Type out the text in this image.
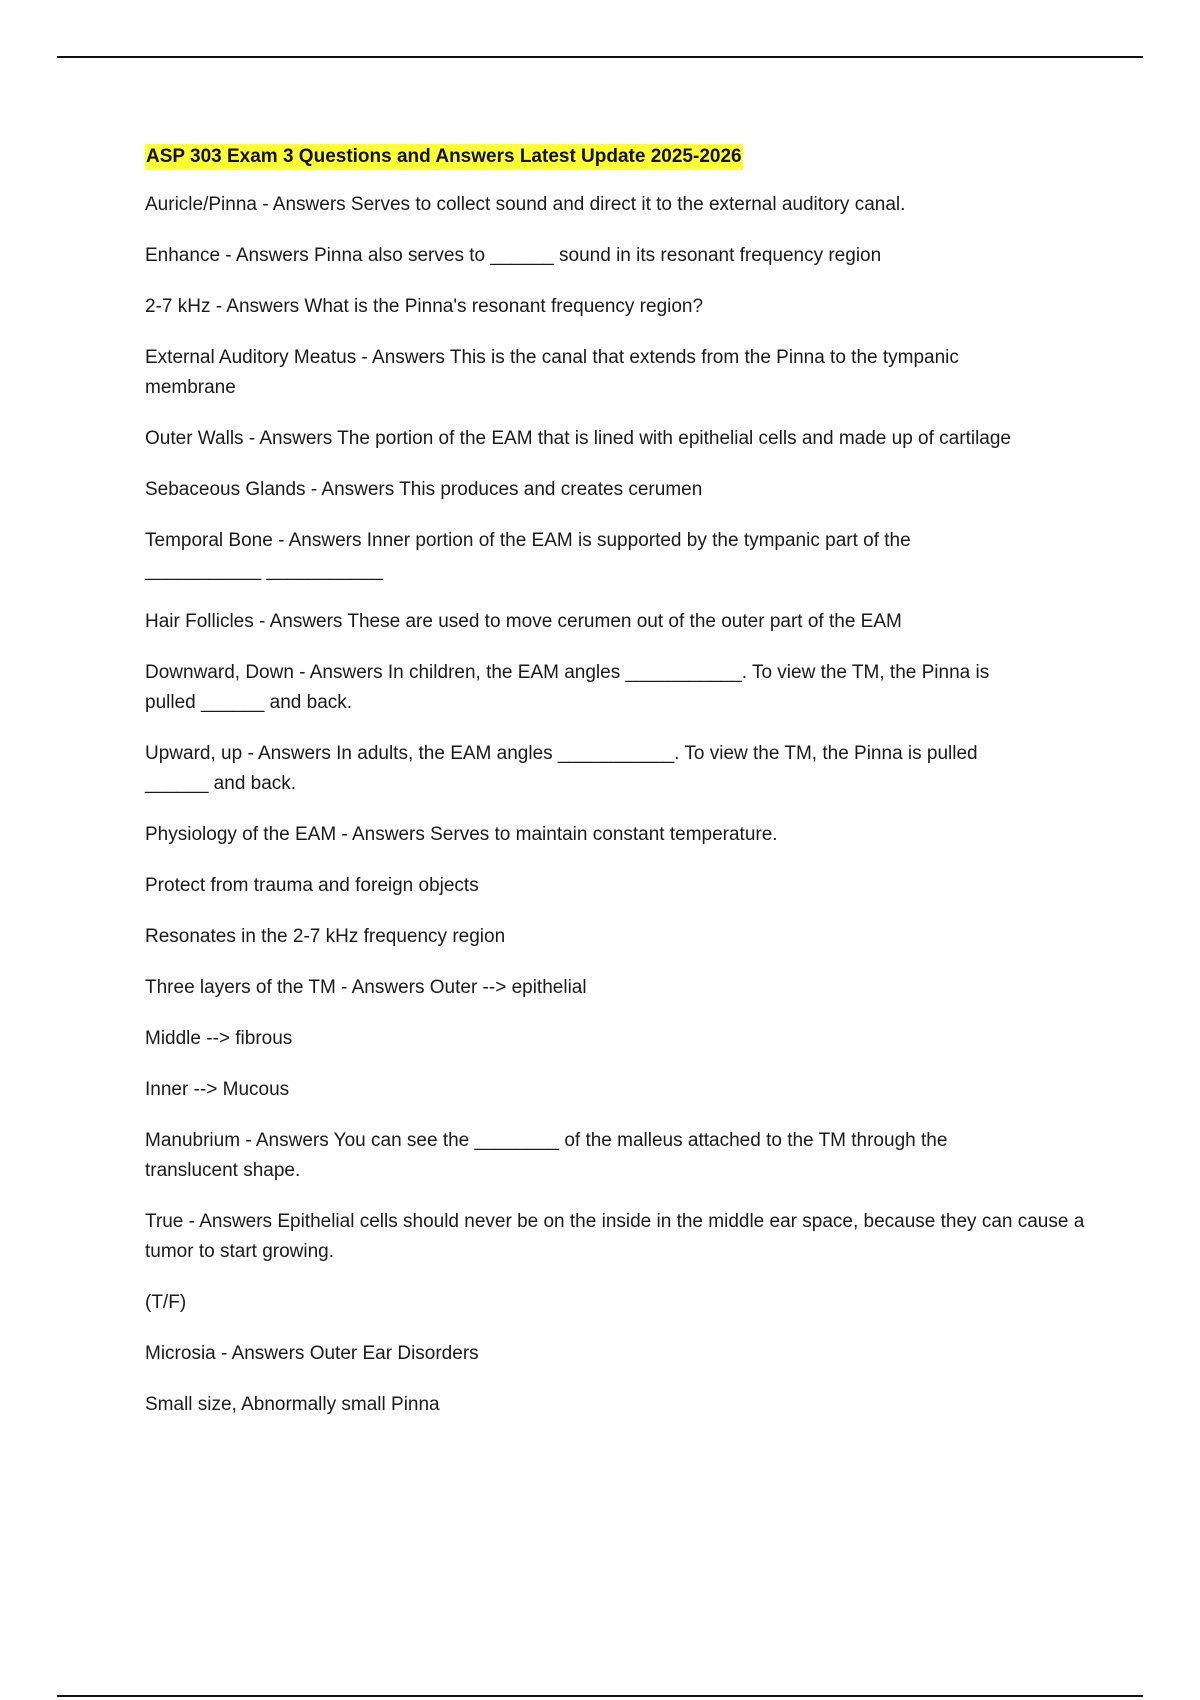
ASP 303 Exam 3 Questions and Answers Latest Update 2025-2026
Auricle/Pinna - Answers Serves to collect sound and direct it to the external auditory canal.
Enhance - Answers Pinna also serves to ______ sound in its resonant frequency region
2-7 kHz - Answers What is the Pinna's resonant frequency region?
External Auditory Meatus - Answers This is the canal that extends from the Pinna to the tympanic membrane
Outer Walls - Answers The portion of the EAM that is lined with epithelial cells and made up of cartilage
Sebaceous Glands - Answers This produces and creates cerumen
Temporal Bone - Answers Inner portion of the EAM is supported by the tympanic part of the ___________ ___________
Hair Follicles - Answers These are used to move cerumen out of the outer part of the EAM
Downward, Down - Answers In children, the EAM angles ___________. To view the TM, the Pinna is pulled ______ and back.
Upward, up - Answers In adults, the EAM angles ___________. To view the TM, the Pinna is pulled ______ and back.
Physiology of the EAM - Answers Serves to maintain constant temperature.
Protect from trauma and foreign objects
Resonates in the 2-7 kHz frequency region
Three layers of the TM - Answers Outer --> epithelial
Middle --> fibrous
Inner --> Mucous
Manubrium - Answers You can see the ________ of the malleus attached to the TM through the translucent shape.
True - Answers Epithelial cells should never be on the inside in the middle ear space, because they can cause a tumor to start growing.
(T/F)
Microsia - Answers Outer Ear Disorders
Small size, Abnormally small Pinna
